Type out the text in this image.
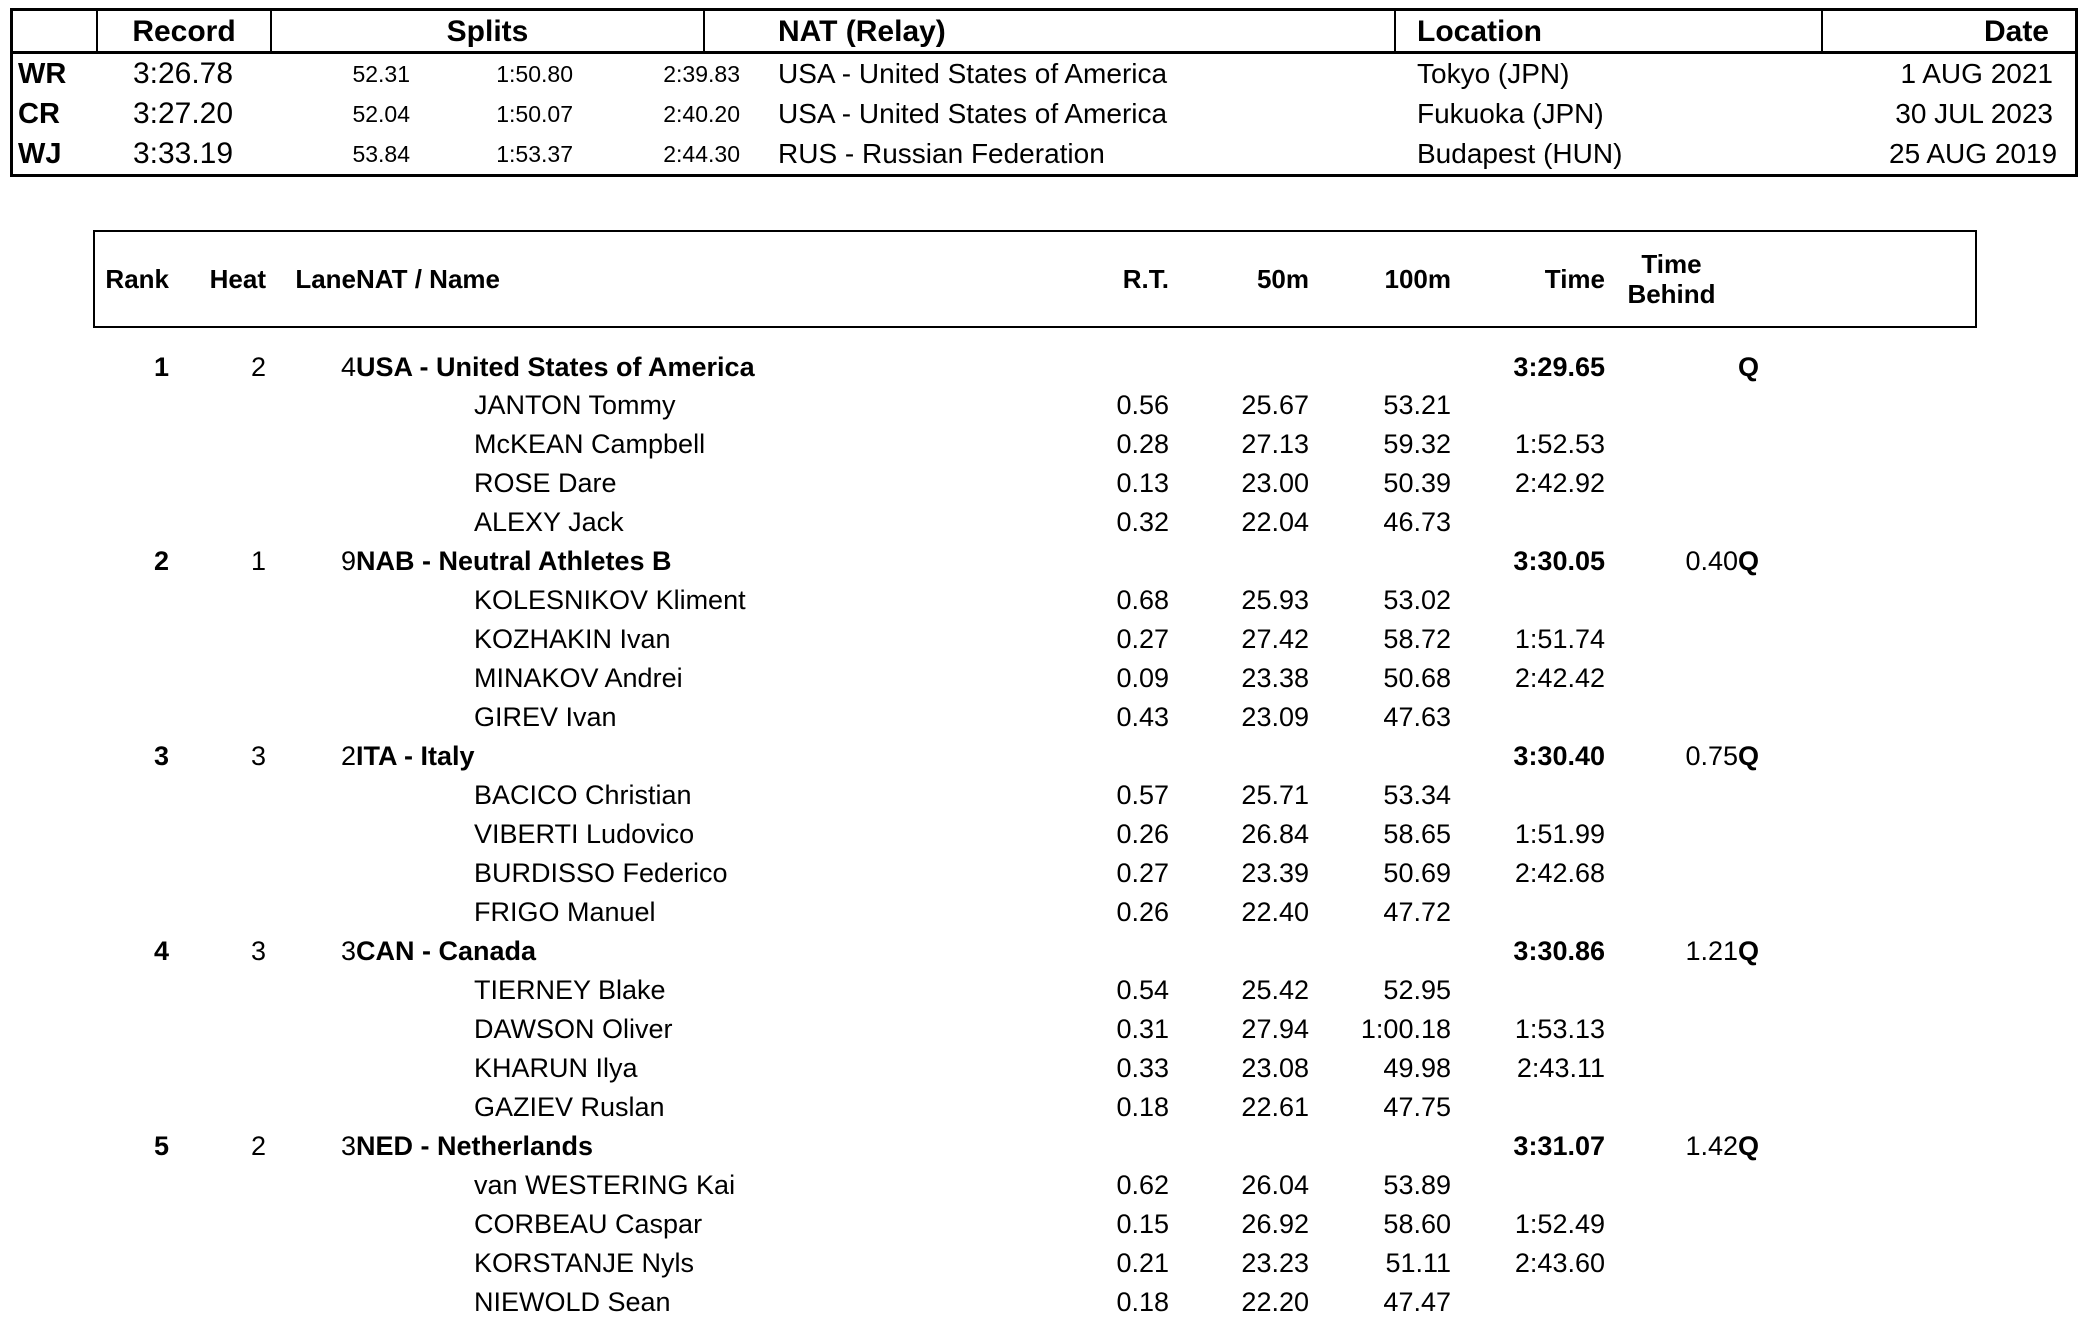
Record	Splits	NAT (Relay)	Location	Date
WR	3:26.78	52.31	1:50.80	2:39.83	USA - United States of America	Tokyo (JPN)	1 AUG 2021
CR	3:27.20	52.04	1:50.07	2:40.20	USA - United States of America	Fukuoka (JPN)	30 JUL 2023
WJ	3:33.19	53.84	1:53.37	2:44.30	RUS - Russian Federation	Budapest (HUN)	25 AUG 2019
Rank	Heat	Lane	NAT / Name	R.T.	50m	100m	Time	Time Behind	
1	2	4	USA - United States of America				3:29.65		Q
			JANTON Tommy	0.56	25.67	53.21			
			McKEAN Campbell	0.28	27.13	59.32	1:52.53		
			ROSE Dare	0.13	23.00	50.39	2:42.92		
			ALEXY Jack	0.32	22.04	46.73			
2	1	9	NAB - Neutral Athletes B				3:30.05	0.40	Q
			KOLESNIKOV Kliment	0.68	25.93	53.02			
			KOZHAKIN Ivan	0.27	27.42	58.72	1:51.74		
			MINAKOV Andrei	0.09	23.38	50.68	2:42.42		
			GIREV Ivan	0.43	23.09	47.63			
3	3	2	ITA - Italy				3:30.40	0.75	Q
			BACICO Christian	0.57	25.71	53.34			
			VIBERTI Ludovico	0.26	26.84	58.65	1:51.99		
			BURDISSO Federico	0.27	23.39	50.69	2:42.68		
			FRIGO Manuel	0.26	22.40	47.72			
4	3	3	CAN - Canada				3:30.86	1.21	Q
			TIERNEY Blake	0.54	25.42	52.95			
			DAWSON Oliver	0.31	27.94	1:00.18	1:53.13		
			KHARUN Ilya	0.33	23.08	49.98	2:43.11		
			GAZIEV Ruslan	0.18	22.61	47.75			
5	2	3	NED - Netherlands				3:31.07	1.42	Q
			van WESTERING Kai	0.62	26.04	53.89			
			CORBEAU Caspar	0.15	26.92	58.60	1:52.49		
			KORSTANJE Nyls	0.21	23.23	51.11	2:43.60		
			NIEWOLD Sean	0.18	22.20	47.47			
